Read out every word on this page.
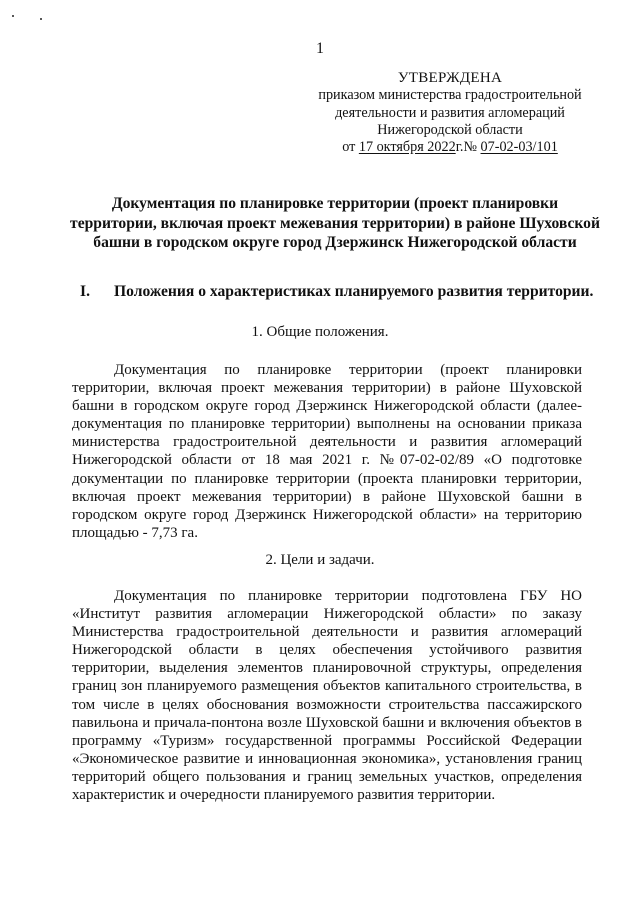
1
УТВЕРЖДЕНА
приказом министерства градостроительной
деятельности и развития агломераций
Нижегородской области
от 17 октября 2022г.№ 07-02-03/101
Документация по планировке территории (проект планировки территории, включая проект межевания территории) в районе Шуховской башни в городском округе город Дзержинск Нижегородской области
I. Положения о характеристиках планируемого развития территории.
1. Общие положения.

Документация по планировке территории (проект планировки территории, включая проект межевания территории) в районе Шуховской башни в городском округе город Дзержинск Нижегородской области (далее-документация по планировке территории) выполнены на основании приказа министерства градостроительной деятельности и развития агломераций Нижегородской области от 18 мая 2021 г. №07-02-02/89 «О подготовке документации по планировке территории (проекта планировки территории, включая проект межевания территории) в районе Шуховской башни в городском округе город Дзержинск Нижегородской области» на территорию площадью - 7,73 га.

2. Цели и задачи.

Документация по планировке территории подготовлена ГБУ НО «Институт развития агломерации Нижегородской области» по заказу Министерства градостроительной деятельности и развития агломераций Нижегородской области в целях обеспечения устойчивого развития территории, выделения элементов планировочной структуры, определения границ зон планируемого размещения объектов капитального строительства, в том числе в целях обоснования возможности строительства пассажирского павильона и причала-понтона возле Шуховской башни и включения объектов в программу «Туризм» государственной программы Российской Федерации «Экономическое развитие и инновационная экономика», установления границ территорий общего пользования и границ земельных участков, определения характеристик и очередности планируемого развития территории.
